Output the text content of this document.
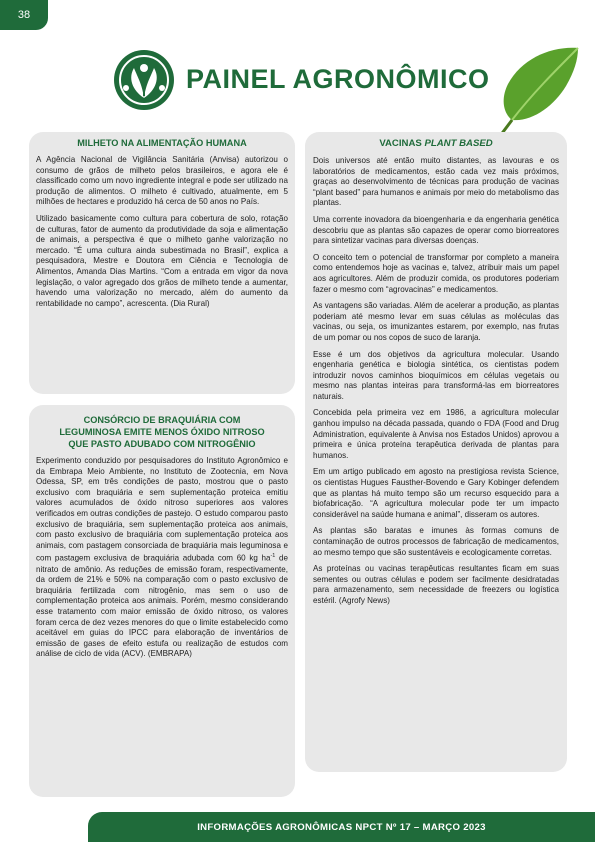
38
PAINEL AGRONÔMICO
MILHETO NA ALIMENTAÇÃO HUMANA

A Agência Nacional de Vigilância Sanitária (Anvisa) autorizou o consumo de grãos de milheto pelos brasileiros, e agora ele é classificado como um novo ingrediente integral e pode ser utilizado na produção de alimentos. O milheto é cultivado, atualmente, em 5 milhões de hectares e produzido há cerca de 50 anos no País.

Utilizado basicamente como cultura para cobertura de solo, rotação de culturas, fator de aumento da produtividade da soja e alimentação de animais, a perspectiva é que o milheto ganhe valorização no mercado. “É uma cultura ainda subestimada no Brasil”, explica a pesquisadora, Mestre e Doutora em Ciência e Tecnologia de Alimentos, Amanda Dias Martins. “Com a entrada em vigor da nova legislação, o valor agregado dos grãos de milheto tende a aumentar, havendo uma valorização no mercado, além do aumento da rentabilidade no campo”, acrescenta. (Dia Rural)

CONSÓRCIO DE BRAQUIÁRIA COM
LEGUMINOSA EMITE MENOS ÓXIDO NITROSO
QUE PASTO ADUBADO COM NITROGÊNIO

Experimento conduzido por pesquisadores do Instituto Agronômico e da Embrapa Meio Ambiente, no Instituto de Zootecnia, em Nova Odessa, SP, em três condições de pasto, mostrou que o pasto exclusivo com braquiária e sem suplementação proteica emitiu valores acumulados de óxido nitroso superiores aos valores verificados em outras condições de pastejo. O estudo comparou pasto exclusivo de braquiária, sem suplementação proteica aos animais, com pasto exclusivo de braquiária com suplementação proteica aos animais, com pastagem consorciada de braquiária mais leguminosa e com pastagem exclusiva de braquiária adubada com 60 kg $ha^{-1}$ de nitrato de amônio. As reduções de emissão foram, respectivamente, da ordem de 21% e 50% na comparação com o pasto exclusivo de braquiária fertilizada com nitrogênio, mas sem o uso de complementação proteica aos animais. Porém, mesmo considerando esse tratamento com maior emissão de óxido nitroso, os valores foram cerca de dez vezes menores do que o limite estabelecido como aceitável em guias do IPCC para elaboração de inventários de emissão de gases de efeito estufa ou realização de estudos com análise de ciclo de vida (ACV). (EMBRAPA)

VACINAS PLANT BASED

Dois universos até então muito distantes, as lavouras e os laboratórios de medicamentos, estão cada vez mais próximos, graças ao desenvolvimento de técnicas para produção de vacinas “plant based” para humanos e animais por meio do metabolismo das plantas.

Uma corrente inovadora da bioengenharia e da engenharia genética descobriu que as plantas são capazes de operar como biorreatores para sintetizar vacinas para diversas doenças.

O conceito tem o potencial de transformar por completo a maneira como entendemos hoje as vacinas e, talvez, atribuir mais um papel aos agricultores. Além de produzir comida, os produtores poderiam fazer o mesmo com “agrovacinas” e medicamentos.

As vantagens são variadas. Além de acelerar a produção, as plantas poderiam até mesmo levar em suas células as moléculas das vacinas, ou seja, os imunizantes estarem, por exemplo, nas frutas de um pomar ou nos copos de suco de laranja.

Esse é um dos objetivos da agricultura molecular. Usando engenharia genética e biologia sintética, os cientistas podem introduzir novos caminhos bioquímicos em células vegetais ou mesmo nas plantas inteiras para transformá-las em biorreatores naturais.

Concebida pela primeira vez em 1986, a agricultura molecular ganhou impulso na década passada, quando o FDA (Food and Drug Administration, equivalente à Anvisa nos Estados Unidos) aprovou a primeira e única proteína terapêutica derivada de plantas para humanos.

Em um artigo publicado em agosto na prestigiosa revista Science, os cientistas Hugues Fausther-Bovendo e Gary Kobinger defendem que as plantas há muito tempo são um recurso esquecido para a biofabricação. “A agricultura molecular pode ter um impacto considerável na saúde humana e animal”, disseram os autores.

As plantas são baratas e imunes às formas comuns de contaminação de outros processos de fabricação de medicamentos, ao mesmo tempo que são sustentáveis e ecologicamente corretas.

As proteínas ou vacinas terapêuticas resultantes ficam em suas sementes ou outras células e podem ser facilmente desidratadas para armazenamento, sem necessidade de freezers ou logística estéril. (Agrofy News)

INFORMAÇÕES AGRONÔMICAS NPCT Nº 17 – MARÇO 2023
